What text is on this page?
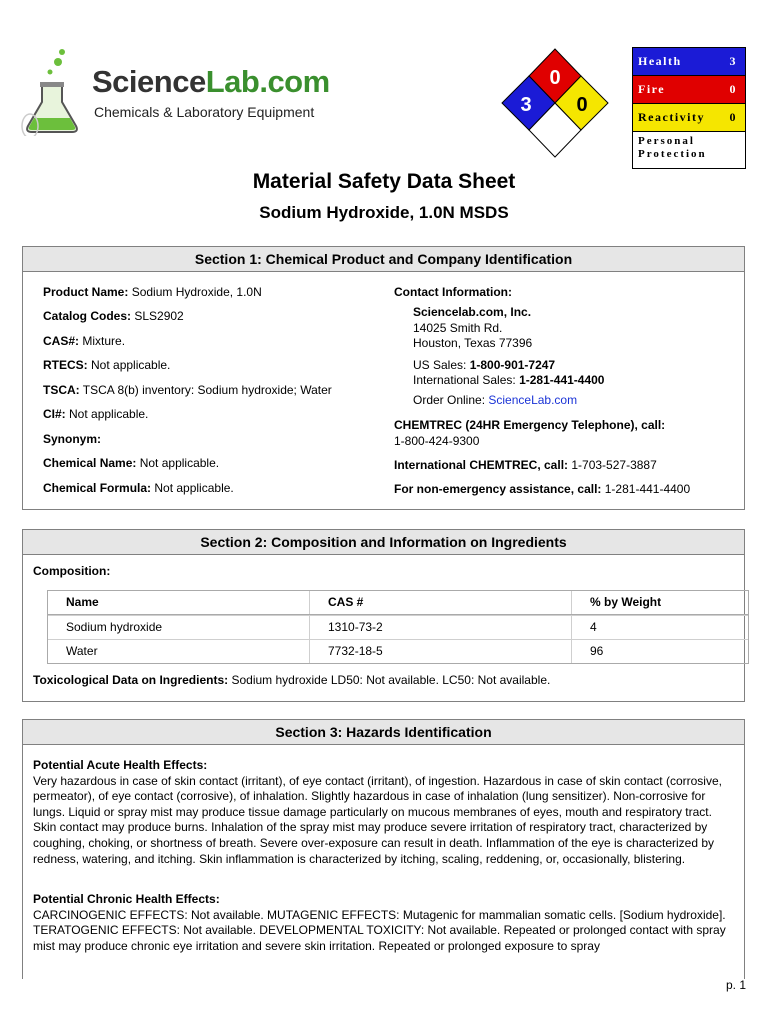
ScienceLab.com
Chemicals & Laboratory Equipment
0
3 0
Health	3
Fire	0
Reactivity 0
Personal
Protection
Material Safety Data Sheet
Sodium Hydroxide, 1.0N MSDS
Section 1: Chemical Product and Company Identification
Product Name: Sodium Hydroxide, 1.0N
Catalog Codes: SLS2902
CAS#: Mixture.
RTECS: Not applicable.
TSCA: TSCA 8(b) inventory: Sodium hydroxide; Water
CI#: Not applicable.
Synonym:
Chemical Name: Not applicable.
Chemical Formula: Not applicable.
Contact Information:
Sciencelab.com, Inc.
14025 Smith Rd.
Houston, Texas 77396
US Sales: 1-800-901-7247
International Sales: 1-281-441-4400
Order Online: ScienceLab.com
CHEMTREC (24HR Emergency Telephone), call:
1-800-424-9300
International CHEMTREC, call: 1-703-527-3887
For non-emergency assistance, call: 1-281-441-4400
Section 2: Composition and Information on Ingredients
Composition:
Name	CAS #	% by Weight
Sodium hydroxide	1310-73-2	4
Water	7732-18-5	96
Toxicological Data on Ingredients: Sodium hydroxide LD50: Not available. LC50: Not available.
Section 3: Hazards Identification
Potential Acute Health Effects:
Very hazardous in case of skin contact (irritant), of eye contact (irritant), of ingestion. Hazardous in case of skin contact (corrosive, permeator), of eye contact (corrosive), of inhalation. Slightly hazardous in case of inhalation (lung sensitizer). Non-corrosive for lungs. Liquid or spray mist may produce tissue damage particularly on mucous membranes of eyes, mouth and respiratory tract. Skin contact may produce burns. Inhalation of the spray mist may produce severe irritation of respiratory tract, characterized by coughing, choking, or shortness of breath. Severe over-exposure can result in death. Inflammation of the eye is characterized by redness, watering, and itching. Skin inflammation is characterized by itching, scaling, reddening, or, occasionally, blistering.
Potential Chronic Health Effects:
CARCINOGENIC EFFECTS: Not available. MUTAGENIC EFFECTS: Mutagenic for mammalian somatic cells. [Sodium hydroxide]. TERATOGENIC EFFECTS: Not available. DEVELOPMENTAL TOXICITY: Not available. Repeated or prolonged contact with spray mist may produce chronic eye irritation and severe skin irritation. Repeated or prolonged exposure to spray
p. 1
